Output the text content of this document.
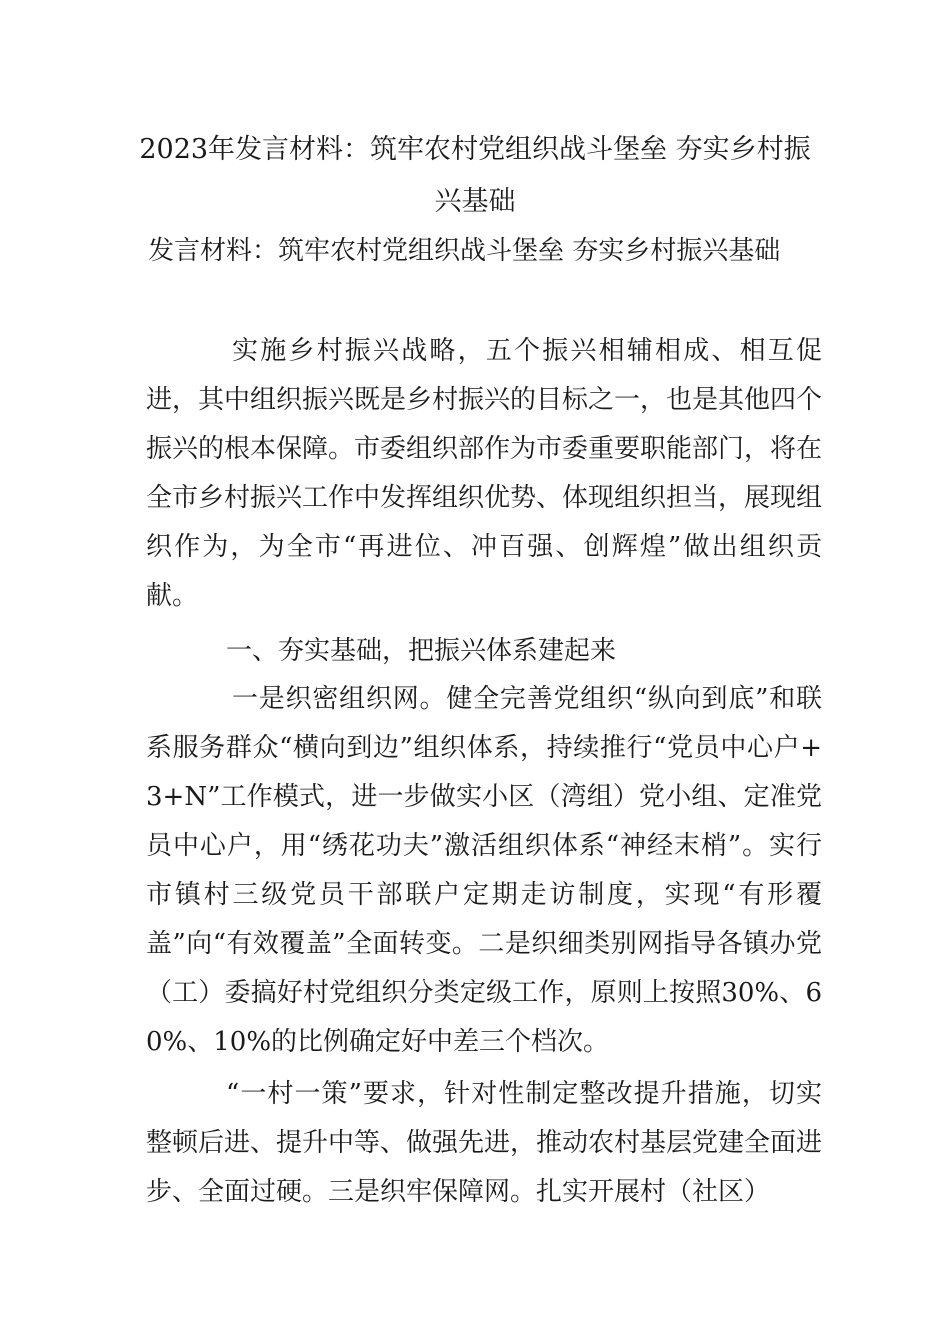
2023年发言材料：筑牢农村党组织战斗堡垒 夯实乡村振
兴基础
发言材料：筑牢农村党组织战斗堡垒 夯实乡村振兴基础
实施乡村振兴战略，五个振兴相辅相成、相互促进，其中组织振兴既是乡村振兴的目标之一，也是其他四个振兴的根本保障。市委组织部作为市委重要职能部门，将在全市乡村振兴工作中发挥组织优势、体现组织担当，展现组织作为，为全市“再进位、冲百强、创辉煌”做出组织贡献。
一、夯实基础，把振兴体系建起来
一是织密组织网。健全完善党组织“纵向到底”和联系服务群众“横向到边”组织体系，持续推行“党员中心户+3+N”工作模式，进一步做实小区（湾组）党小组、定准党员中心户，用“绣花功夫”激活组织体系“神经末梢”。实行市镇村三级党员干部联户定期走访制度，实现“有形覆盖”向“有效覆盖”全面转变。二是织细类别网指导各镇办党（工）委搞好村党组织分类定级工作，原则上按照30%、60%、10%的比例确定好中差三个档次。
“一村一策”要求，针对性制定整改提升措施，切实整顿后进、提升中等、做强先进，推动农村基层党建全面进步、全面过硬。三是织牢保障网。扎实开展村（社区）
